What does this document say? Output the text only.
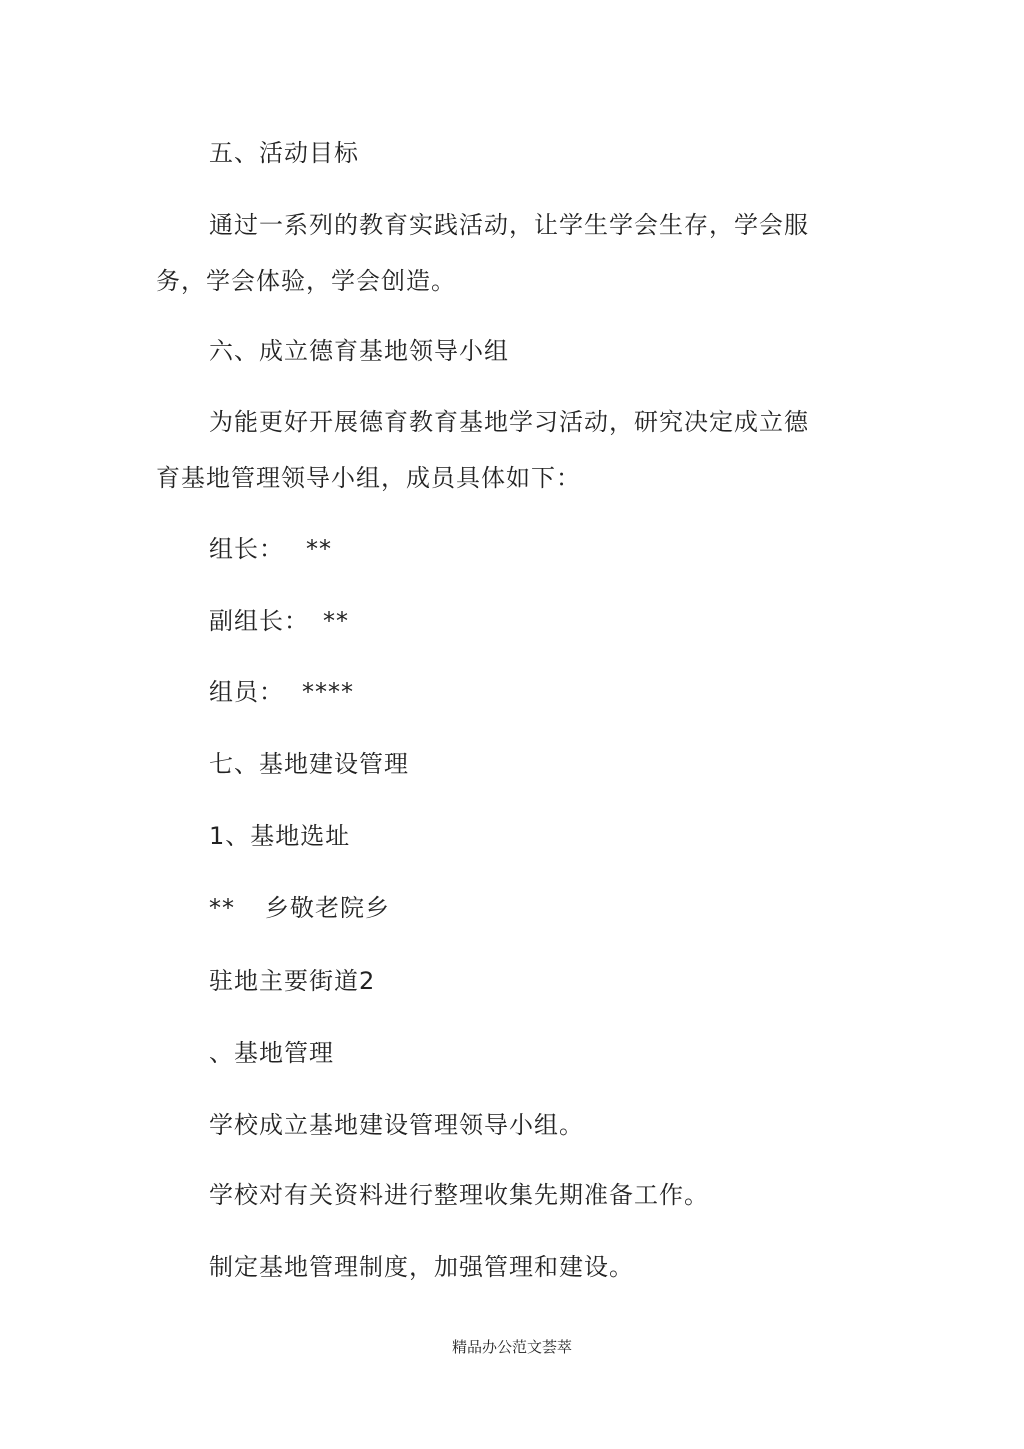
五、活动目标
通过一系列的教育实践活动，让学生学会生存，学会服
务，学会体验，学会创造。
六、成立德育基地领导小组
为能更好开展德育教育基地学习活动，研究决定成立德
育基地管理领导小组，成员具体如下：
组长： **
副组长： **
组员： ****
七、基地建设管理
1、基地选址
** 乡敬老院乡
驻地主要街道2
、基地管理
学校成立基地建设管理领导小组。
学校对有关资料进行整理收集先期准备工作。
制定基地管理制度，加强管理和建设。
精品办公范文荟萃
